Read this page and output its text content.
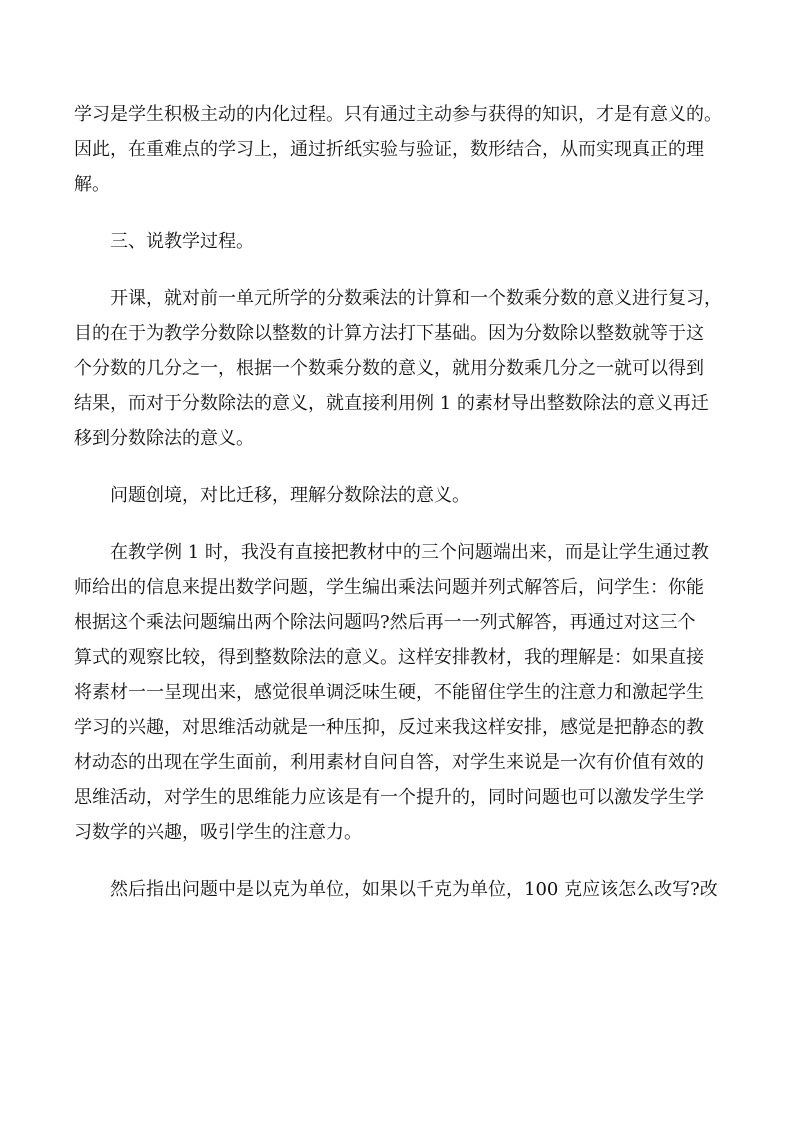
学习是学生积极主动的内化过程。只有通过主动参与获得的知识，才是有意义的。
因此，在重难点的学习上，通过折纸实验与验证，数形结合，从而实现真正的理
解。
三、说教学过程。
开课，就对前一单元所学的分数乘法的计算和一个数乘分数的意义进行复习，
目的在于为教学分数除以整数的计算方法打下基础。因为分数除以整数就等于这
个分数的几分之一，根据一个数乘分数的意义，就用分数乘几分之一就可以得到
结果，而对于分数除法的意义，就直接利用例 1 的素材导出整数除法的意义再迁
移到分数除法的意义。
问题创境，对比迁移，理解分数除法的意义。
在教学例 1 时，我没有直接把教材中的三个问题端出来，而是让学生通过教
师给出的信息来提出数学问题，学生编出乘法问题并列式解答后，问学生：你能
根据这个乘法问题编出两个除法问题吗?然后再一一列式解答，再通过对这三个
算式的观察比较，得到整数除法的意义。这样安排教材，我的理解是：如果直接
将素材一一呈现出来，感觉很单调泛味生硬，不能留住学生的注意力和激起学生
学习的兴趣，对思维活动就是一种压抑，反过来我这样安排，感觉是把静态的教
材动态的出现在学生面前，利用素材自问自答，对学生来说是一次有价值有效的
思维活动，对学生的思维能力应该是有一个提升的，同时问题也可以激发学生学
习数学的兴趣，吸引学生的注意力。
然后指出问题中是以克为单位，如果以千克为单位，100 克应该怎么改写?改
